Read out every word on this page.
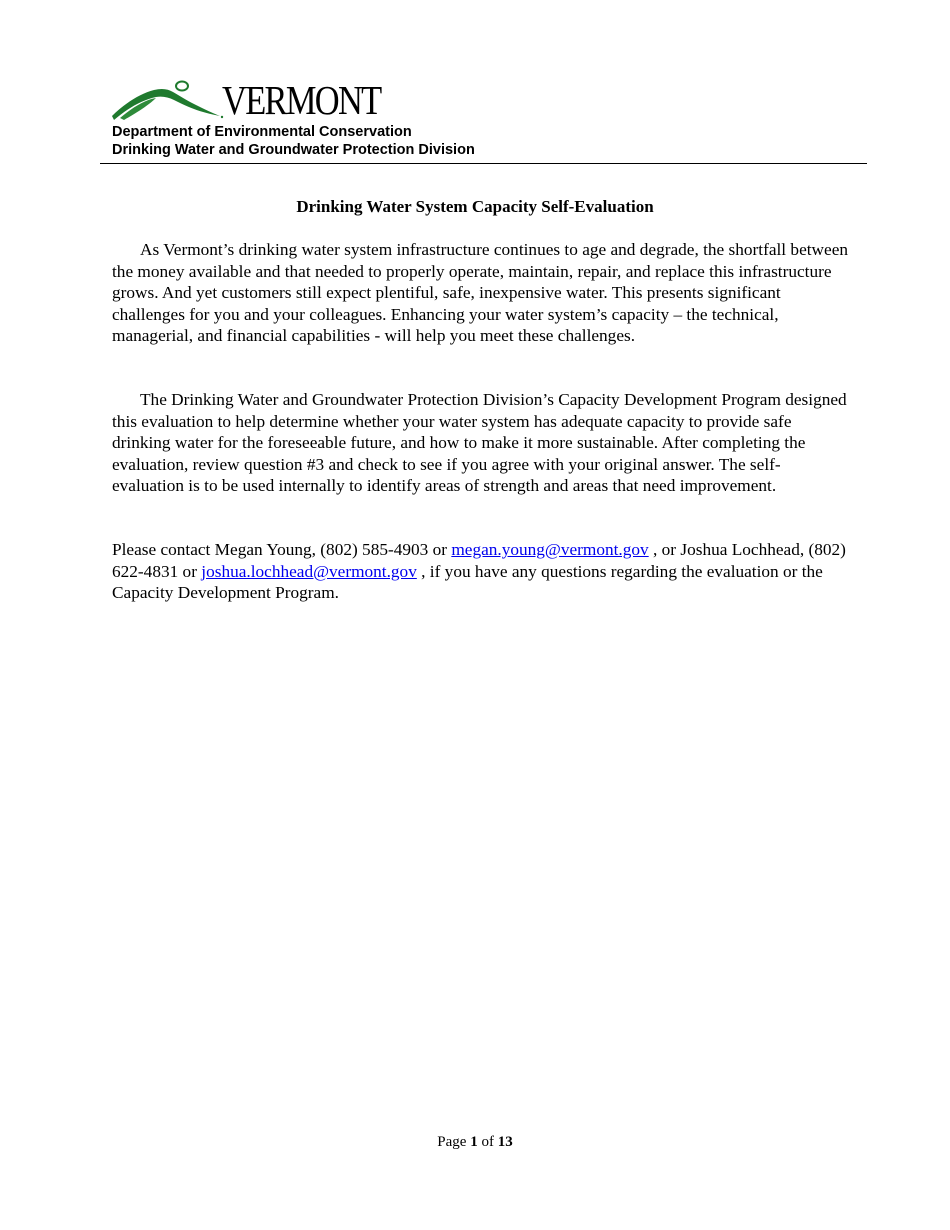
VERMONT
Department of Environmental Conservation
Drinking Water and Groundwater Protection Division
Drinking Water System Capacity Self-Evaluation

As Vermont’s drinking water system infrastructure continues to age and degrade, the shortfall between the money available and that needed to properly operate, maintain, repair, and replace this infrastructure grows. And yet customers still expect plentiful, safe, inexpensive water. This presents significant challenges for you and your colleagues. Enhancing your water system’s capacity – the technical, managerial, and financial capabilities - will help you meet these challenges.

The Drinking Water and Groundwater Protection Division’s Capacity Development Program designed this evaluation to help determine whether your water system has adequate capacity to provide safe drinking water for the foreseeable future, and how to make it more sustainable. After completing the evaluation, review question #3 and check to see if you agree with your original answer. The self-evaluation is to be used internally to identify areas of strength and areas that need improvement.

Please contact Megan Young, (802) 585-4903 or megan.young@vermont.gov , or Joshua Lochhead, (802) 622-4831 or joshua.lochhead@vermont.gov , if you have any questions regarding the evaluation or the Capacity Development Program.

Page 1 of 13
